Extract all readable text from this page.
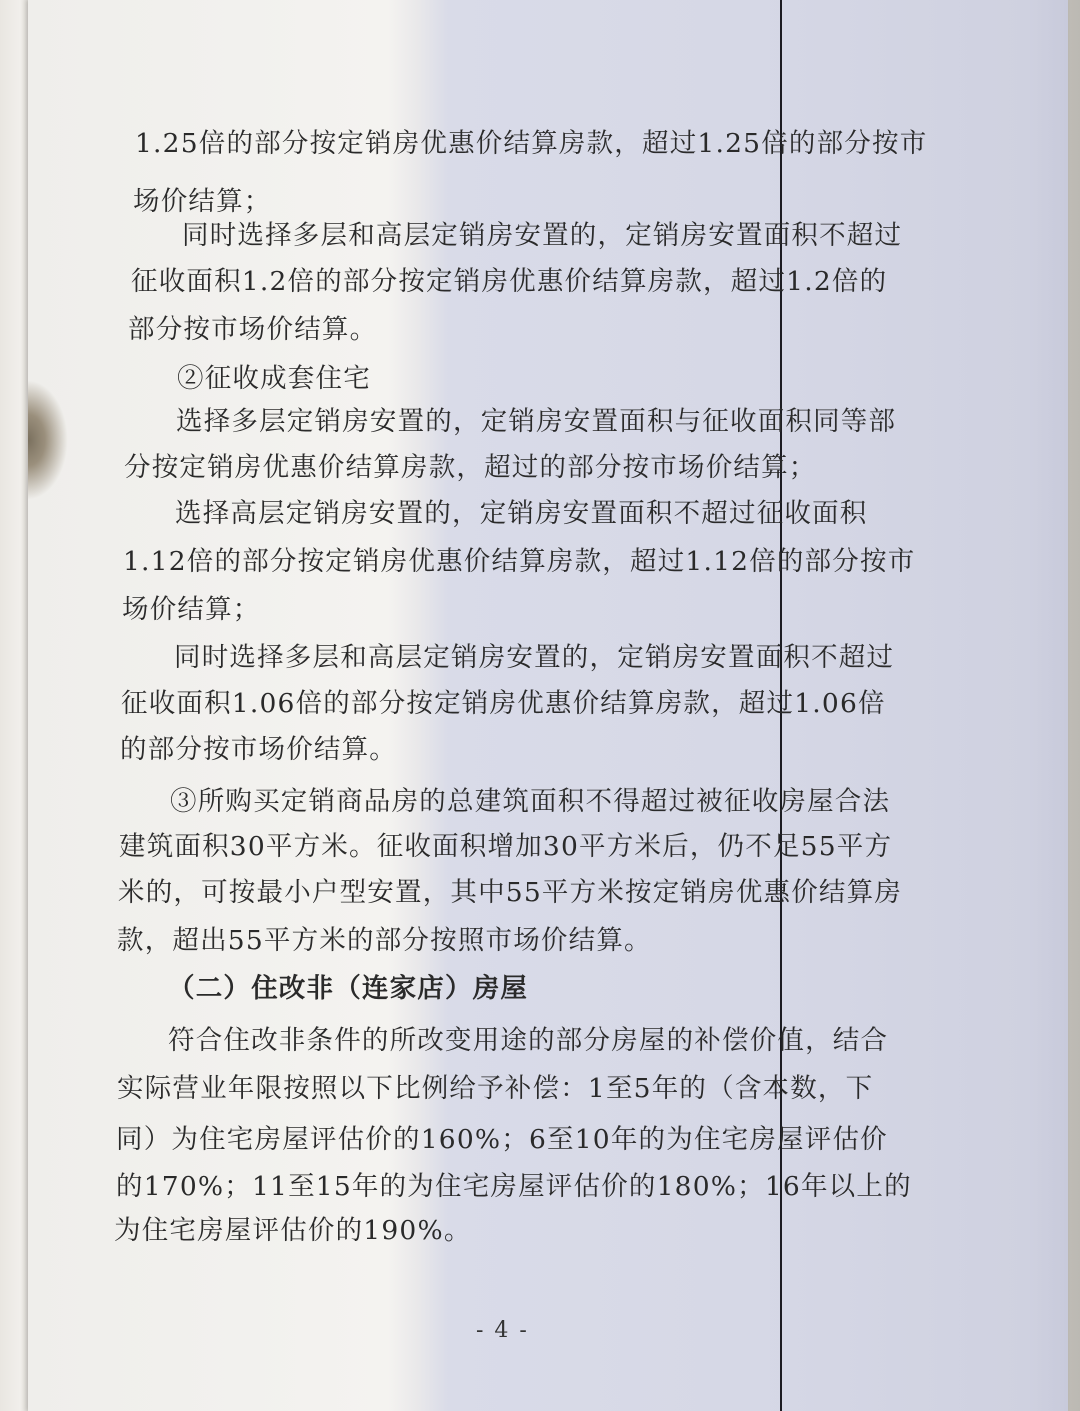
1.25倍的部分按定销房优惠价结算房款，超过1.25倍的部分按市

场价结算；

同时选择多层和高层定销房安置的，定销房安置面积不超过

征收面积1.2倍的部分按定销房优惠价结算房款，超过1.2倍的

部分按市场价结算。

②征收成套住宅

选择多层定销房安置的，定销房安置面积与征收面积同等部

分按定销房优惠价结算房款，超过的部分按市场价结算；

选择高层定销房安置的，定销房安置面积不超过征收面积

1.12倍的部分按定销房优惠价结算房款，超过1.12倍的部分按市

场价结算；

同时选择多层和高层定销房安置的，定销房安置面积不超过

征收面积1.06倍的部分按定销房优惠价结算房款，超过1.06倍

的部分按市场价结算。

③所购买定销商品房的总建筑面积不得超过被征收房屋合法

建筑面积30平方米。征收面积增加30平方米后，仍不足55平方

米的，可按最小户型安置，其中55平方米按定销房优惠价结算房

款，超出55平方米的部分按照市场价结算。

（二）住改非（连家店）房屋

符合住改非条件的所改变用途的部分房屋的补偿价值，结合

实际营业年限按照以下比例给予补偿：1至5年的（含本数，下

同）为住宅房屋评估价的160%；6至10年的为住宅房屋评估价

的170%；11至15年的为住宅房屋评估价的180%；16年以上的

为住宅房屋评估价的190%。

- 4 -
